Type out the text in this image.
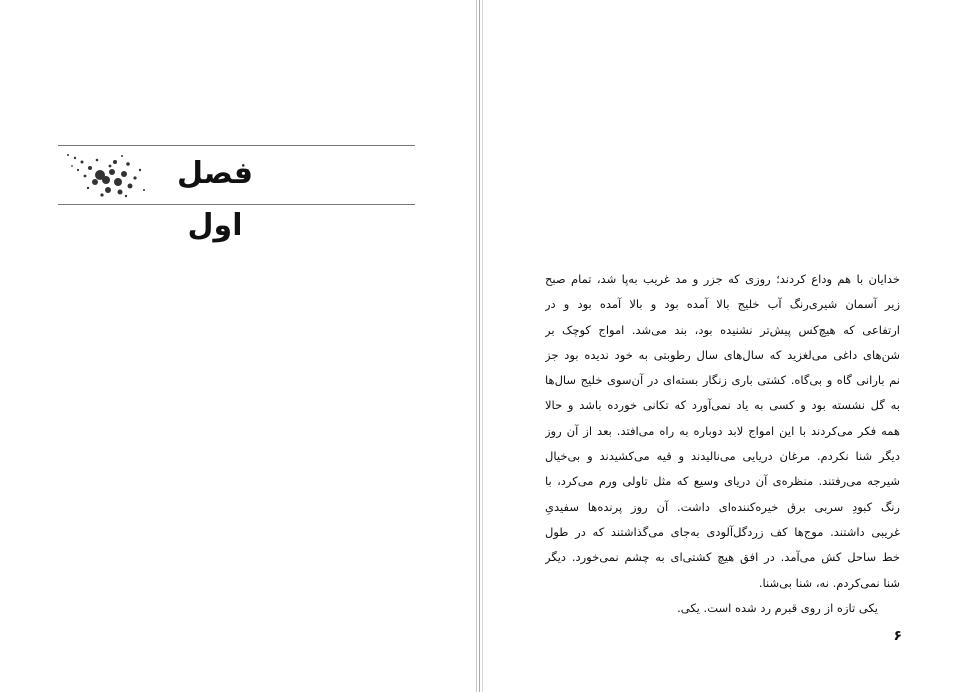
فصل اول
خدایان با هم وداع کردند؛ روزی که جزر و مد غریب به‌پا شد، تمام صبح
زیر آسمان شیری‌رنگ آب خلیج بالا آمده بود و بالا آمده بود و در
ارتفاعی که هیچ‌کس پیش‌تر نشنیده بود، بند می‌شد. امواج کوچک بر
شن‌های داغی می‌لغزید که سال‌های سال رطوبتی به خود ندیده بود جز
نم بارانی گاه و بی‌گاه. کشتی باری زنگار بسته‌ای در آن‌سوی خلیج سال‌ها
به گل نشسته بود و کسی به یاد نمی‌آورد که تکانی خورده باشد و حالا
همه فکر می‌کردند با این امواج لابد دوباره به راه می‌افتد. بعد از آن روز
دیگر شنا نکردم. مرغان دریایی می‌نالیدند و قیه می‌کشیدند و بی‌خیال
شیرجه می‌رفتند. منظره‌ی آن دریای وسیع که مثل تاولی ورم می‌کرد، با
رنگ کبودِ سربی برق خیره‌کننده‌ای داشت. آن روز پرنده‌ها سفیدیِ
غریبی داشتند. موج‌ها کف زردگل‌آلودی به‌جای می‌گذاشتند که در طول
خط ساحل کش می‌آمد. در افق هیچ کشتی‌ای به چشم نمی‌خورد. دیگر
شنا نمی‌کردم. نه، شنا بی‌شنا.
یکی تازه از روی قبرم رد شده است. یکی.
۶
